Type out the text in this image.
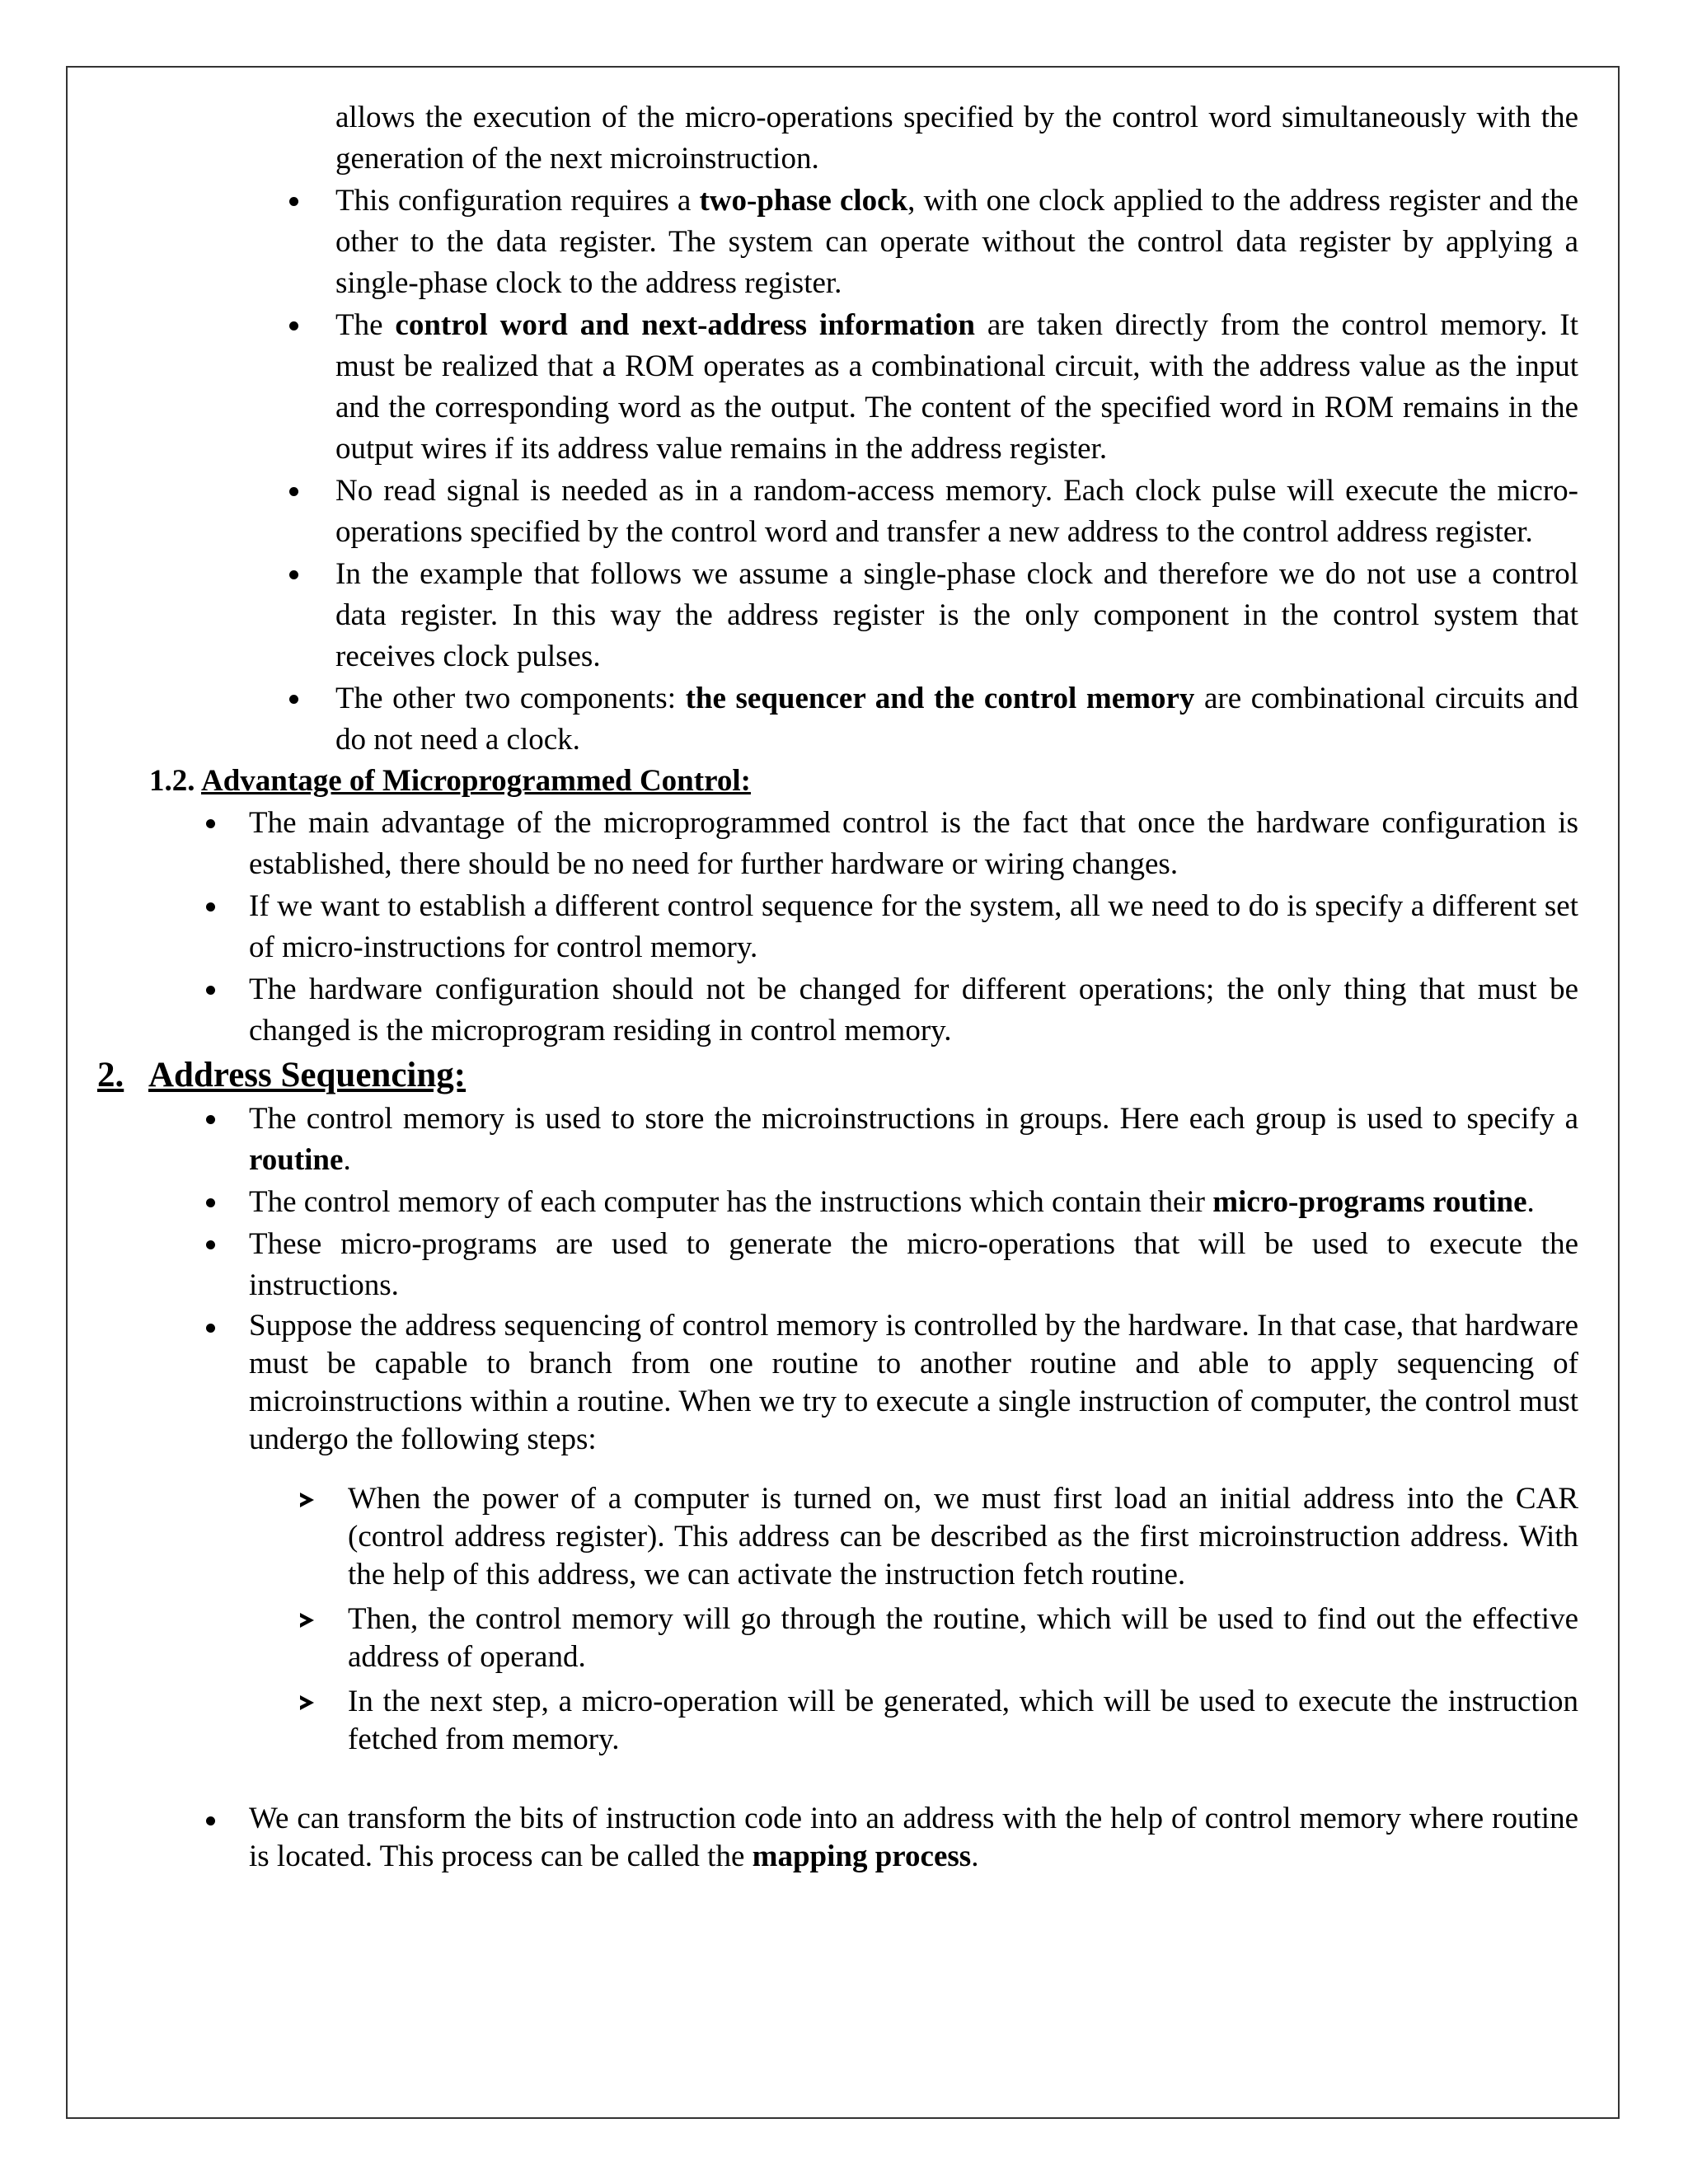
allows the execution of the micro-operations specified by the control word simultaneously with the generation of the next microinstruction.
This configuration requires a two-phase clock, with one clock applied to the address register and the other to the data register. The system can operate without the control data register by applying a single-phase clock to the address register.
The control word and next-address information are taken directly from the control memory. It must be realized that a ROM operates as a combinational circuit, with the address value as the input and the corresponding word as the output. The content of the specified word in ROM remains in the output wires if its address value remains in the address register.
No read signal is needed as in a random-access memory. Each clock pulse will execute the micro-operations specified by the control word and transfer a new address to the control address register.
In the example that follows we assume a single-phase clock and therefore we do not use a control data register. In this way the address register is the only component in the control system that receives clock pulses.
The other two components: the sequencer and the control memory are combinational circuits and do not need a clock.
1.2. Advantage of Microprogrammed Control:
The main advantage of the microprogrammed control is the fact that once the hardware configuration is established, there should be no need for further hardware or wiring changes.
If we want to establish a different control sequence for the system, all we need to do is specify a different set of micro-instructions for control memory.
The hardware configuration should not be changed for different operations; the only thing that must be changed is the microprogram residing in control memory.
2. Address Sequencing:
The control memory is used to store the microinstructions in groups. Here each group is used to specify a routine.
The control memory of each computer has the instructions which contain their micro-programs routine.
These micro-programs are used to generate the micro-operations that will be used to execute the instructions.
Suppose the address sequencing of control memory is controlled by the hardware. In that case, that hardware must be capable to branch from one routine to another routine and able to apply sequencing of microinstructions within a routine. When we try to execute a single instruction of computer, the control must undergo the following steps:
When the power of a computer is turned on, we must first load an initial address into the CAR (control address register). This address can be described as the first microinstruction address. With the help of this address, we can activate the instruction fetch routine.
Then, the control memory will go through the routine, which will be used to find out the effective address of operand.
In the next step, a micro-operation will be generated, which will be used to execute the instruction fetched from memory.
We can transform the bits of instruction code into an address with the help of control memory where routine is located. This process can be called the mapping process.
